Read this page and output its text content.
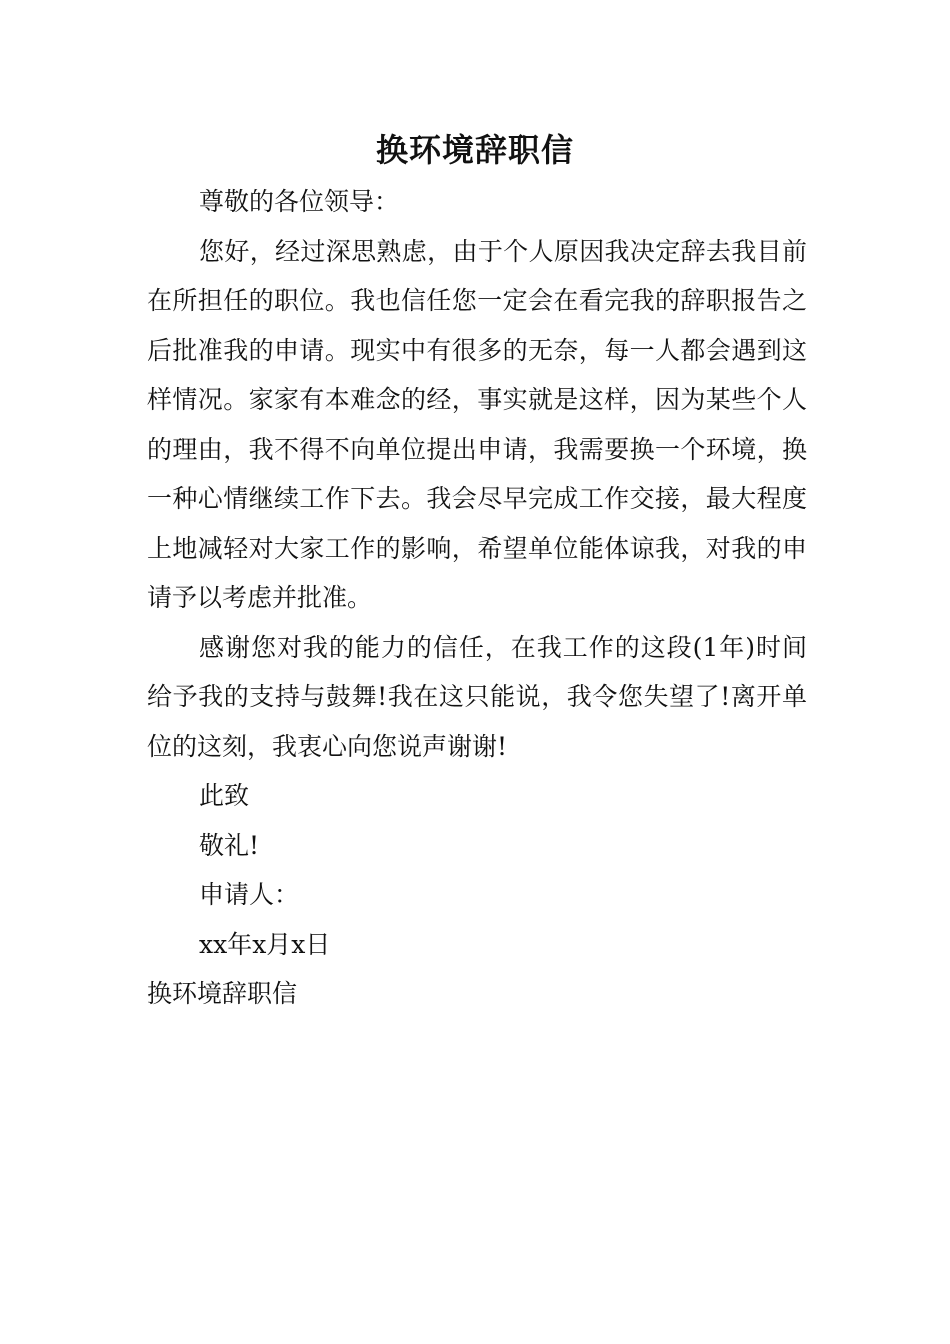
换环境辞职信

尊敬的各位领导：

您好，经过深思熟虑，由于个人原因我决定辞去我目前在所担任的职位。我也信任您一定会在看完我的辞职报告之后批准我的申请。现实中有很多的无奈，每一人都会遇到这样情况。家家有本难念的经，事实就是这样，因为某些个人的理由，我不得不向单位提出申请，我需要换一个环境，换一种心情继续工作下去。我会尽早完成工作交接，最大程度上地减轻对大家工作的影响，希望单位能体谅我，对我的申请予以考虑并批准。

感谢您对我的能力的信任，在我工作的这段(1年)时间给予我的支持与鼓舞!我在这只能说，我令您失望了!离开单位的这刻，我衷心向您说声谢谢!

此致

敬礼!

申请人：

xx年x月x日

换环境辞职信
